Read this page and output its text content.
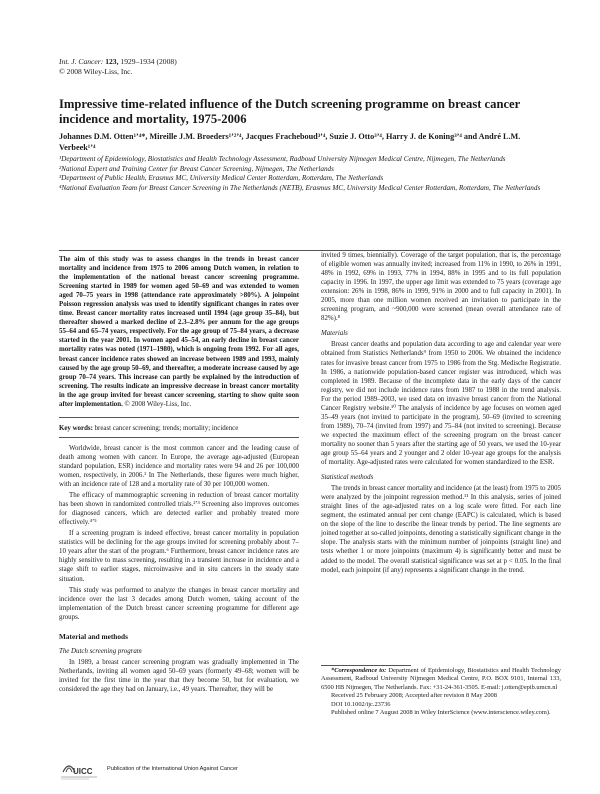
Int. J. Cancer: 123, 1929–1934 (2008)
© 2008 Wiley-Liss, Inc.
Impressive time-related influence of the Dutch screening programme on breast cancer incidence and mortality, 1975-2006
Johannes D.M. Otten¹ʼ⁴*, Mireille J.M. Broeders¹ʼ²ʼ⁴, Jacques Fracheboud³ʼ⁴, Suzie J. Otto³ʼ⁴, Harry J. de Koning³ʼ⁴ and André L.M. Verbeek¹ʼ⁴
¹Department of Epidemiology, Biostatistics and Health Technology Assessment, Radboud University Nijmegen Medical Centre, Nijmegen, The Netherlands
²National Expert and Training Center for Breast Cancer Screening, Nijmegen, The Netherlands
³Department of Public Health, Erasmus MC, University Medical Center Rotterdam, Rotterdam, The Netherlands
⁴National Evaluation Team for Breast Cancer Screening in The Netherlands (NETB), Erasmus MC, University Medical Center Rotterdam, Rotterdam, The Netherlands
The aim of this study was to assess changes in the trends in breast cancer mortality and incidence from 1975 to 2006 among Dutch women, in relation to the implementation of the national breast cancer screening programme. Screening started in 1989 for women aged 50–69 and was extended to women aged 70–75 years in 1998 (attendance rate approximately >80%). A joinpoint Poisson regression analysis was used to identify significant changes in rates over time. Breast cancer mortality rates increased until 1994 (age group 35–84), but thereafter showed a marked decline of 2.3–2.8% per annum for the age groups 55–64 and 65–74 years, respectively. For the age group of 75–84 years, a decrease started in the year 2001. In women aged 45–54, an early decline in breast cancer mortality rates was noted (1971–1980), which is ongoing from 1992. For all ages, breast cancer incidence rates showed an increase between 1989 and 1993, mainly caused by the age group 50–69, and thereafter, a moderate increase caused by age group 70–74 years. This increase can partly be explained by the introduction of screening. The results indicate an impressive decrease in breast cancer mortality in the age group invited for breast cancer screening, starting to show quite soon after implementation. © 2008 Wiley-Liss, Inc.
Key words: breast cancer screening; trends; mortality; incidence

Worldwide, breast cancer is the most common cancer and the leading cause of death among women with cancer. In Europe, the average age-adjusted (European standard population, ESR) incidence and mortality rates were 94 and 26 per 100,000 women, respectively, in 2006.¹ In The Netherlands, these figures were much higher, with an incidence rate of 128 and a mortality rate of 30 per 100,000 women.

The efficacy of mammographic screening in reduction of breast cancer mortality has been shown in randomized controlled trials.²ʼ³ Screening also improves outcomes for diagnosed cancers, which are detected earlier and probably treated more effectively.⁴ʼ⁵

If a screening program is indeed effective, breast cancer mortality in population statistics will be declining for the age groups invited for screening probably about 7–10 years after the start of the program.⁶ Furthermore, breast cancer incidence rates are highly sensitive to mass screening, resulting in a transient increase in incidence and a stage shift to earlier stages, microinvasive and in situ cancers in the steady state situation.

This study was performed to analyze the changes in breast cancer mortality and incidence over the last 3 decades among Dutch women, taking account of the implementation of the Dutch breast cancer screening programme for different age groups.

Material and methods
The Dutch screening program

In 1989, a breast cancer screening program was gradually implemented in The Netherlands, inviting all women aged 50–69 years (formerly 49–68; women will be invited for the first time in the year that they become 50, but for evaluation, we considered the age they had on January, i.e., 49 years. Thereafter, they will be

invited 9 times, biennially). Coverage of the target population, that is, the percentage of eligible women was annually invited; increased from 11% in 1990, to 26% in 1991, 48% in 1992, 69% in 1993, 77% in 1994, 88% in 1995 and to its full population capacity in 1996. In 1997, the upper age limit was extended to 75 years (coverage age extension: 26% in 1998, 86% in 1999, 91% in 2000 and to full capacity in 2001). In 2005, more than one million women received an invitation to participate in the screening program, and ~900,000 were screened (mean overall attendance rate of 82%).⁸

Materials

Breast cancer deaths and population data according to age and calendar year were obtained from Statistics Netherlands⁹ from 1950 to 2006. We obtained the incidence rates for invasive breast cancer from 1975 to 1986 from the Stg. Medische Registratie. In 1986, a nationwide population-based cancer register was introduced, which was completed in 1989. Because of the incomplete data in the early days of the cancer registry, we did not include incidence rates from 1987 to 1988 in the trend analysis. For the period 1989–2003, we used data on invasive breast cancer from the National Cancer Registry website.¹⁰ The analysis of incidence by age focuses on women aged 35–49 years (not invited to participate in the program), 50–69 (invited to screening from 1989), 70–74 (invited from 1997) and 75–84 (not invited to screening). Because we expected the maximum effect of the screening program on the breast cancer mortality no sooner than 5 years after the starting age of 50 years, we used the 10-year age group 55–64 years and 2 younger and 2 older 10-year age groups for the analysis of mortality. Age-adjusted rates were calculated for women standardized to the ESR.

Statistical methods

The trends in breast cancer mortality and incidence (at the least) from 1975 to 2005 were analyzed by the joinpoint regression method.¹¹ In this analysis, series of joined straight lines of the age-adjusted rates on a log scale were fitted. For each line segment, the estimated annual per cent change (EAPC) is calculated, which is based on the slope of the line to describe the linear trends by period. The line segments are joined together at so-called joinpoints, denoting a statistically significant change in the slope. The analysis starts with the minimum number of joinpoints (straight line) and tests whether 1 or more joinpoints (maximum 4) is significantly better and must be added to the model. The overall statistical significance was set at p < 0.05. In the final model, each joinpoint (if any) represents a significant change in the trend.

*Correspondence to: Department of Epidemiology, Biostatistics and Health Technology Assessment, Radboud University Nijmegen Medical Centre, P.O. BOX 9101, Internal 133, 6500 HB Nijmegen, The Netherlands. Fax: +31-24-361-3505. E-mail: j.otten@epib.umcn.nl
Received 25 February 2008; Accepted after revision 8 May 2008
DOI 10.1002/ijc.23736
Published online 7 August 2008 in Wiley InterScience (www.interscience.wiley.com).
UICC	Publication of the International Union Against Cancer
